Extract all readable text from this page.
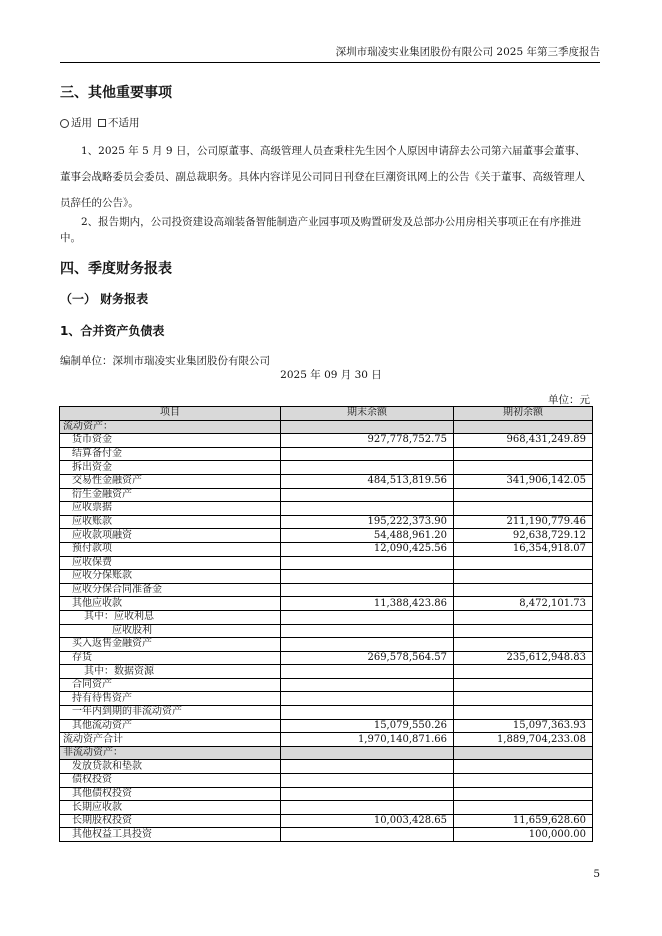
深圳市瑞凌实业集团股份有限公司 2025 年第三季度报告
三、其他重要事项
适用 不适用
1、2025 年 5 月 9 日，公司原董事、高级管理人员查秉柱先生因个人原因申请辞去公司第六届董事会董事、董事会战略委员会委员、副总裁职务。具体内容详见公司同日刊登在巨潮资讯网上的公告《关于董事、高级管理人员辞任的公告》。
2、报告期内，公司投资建设高端装备智能制造产业园事项及购置研发及总部办公用房相关事项正在有序推进中。
四、季度财务报表
（一） 财务报表
1、合并资产负债表
编制单位：深圳市瑞凌实业集团股份有限公司
2025 年 09 月 30 日
单位：元
项目	期末余额	期初余额
流动资产：		
货币资金	927,778,752.75	968,431,249.89
结算备付金		
拆出资金		
交易性金融资产	484,513,819.56	341,906,142.05
衍生金融资产		
应收票据		
应收账款	195,222,373.90	211,190,779.46
应收款项融资	54,488,961.20	92,638,729.12
预付款项	12,090,425.56	16,354,918.07
应收保费		
应收分保账款		
应收分保合同准备金		
其他应收款	11,388,423.86	8,472,101.73
其中：应收利息		
应收股利		
买入返售金融资产		
存货	269,578,564.57	235,612,948.83
其中：数据资源		
合同资产		
持有待售资产		
一年内到期的非流动资产		
其他流动资产	15,079,550.26	15,097,363.93
流动资产合计	1,970,140,871.66	1,889,704,233.08
非流动资产：		
发放贷款和垫款		
债权投资		
其他债权投资		
长期应收款		
长期股权投资	10,003,428.65	11,659,628.60
其他权益工具投资		100,000.00
5
